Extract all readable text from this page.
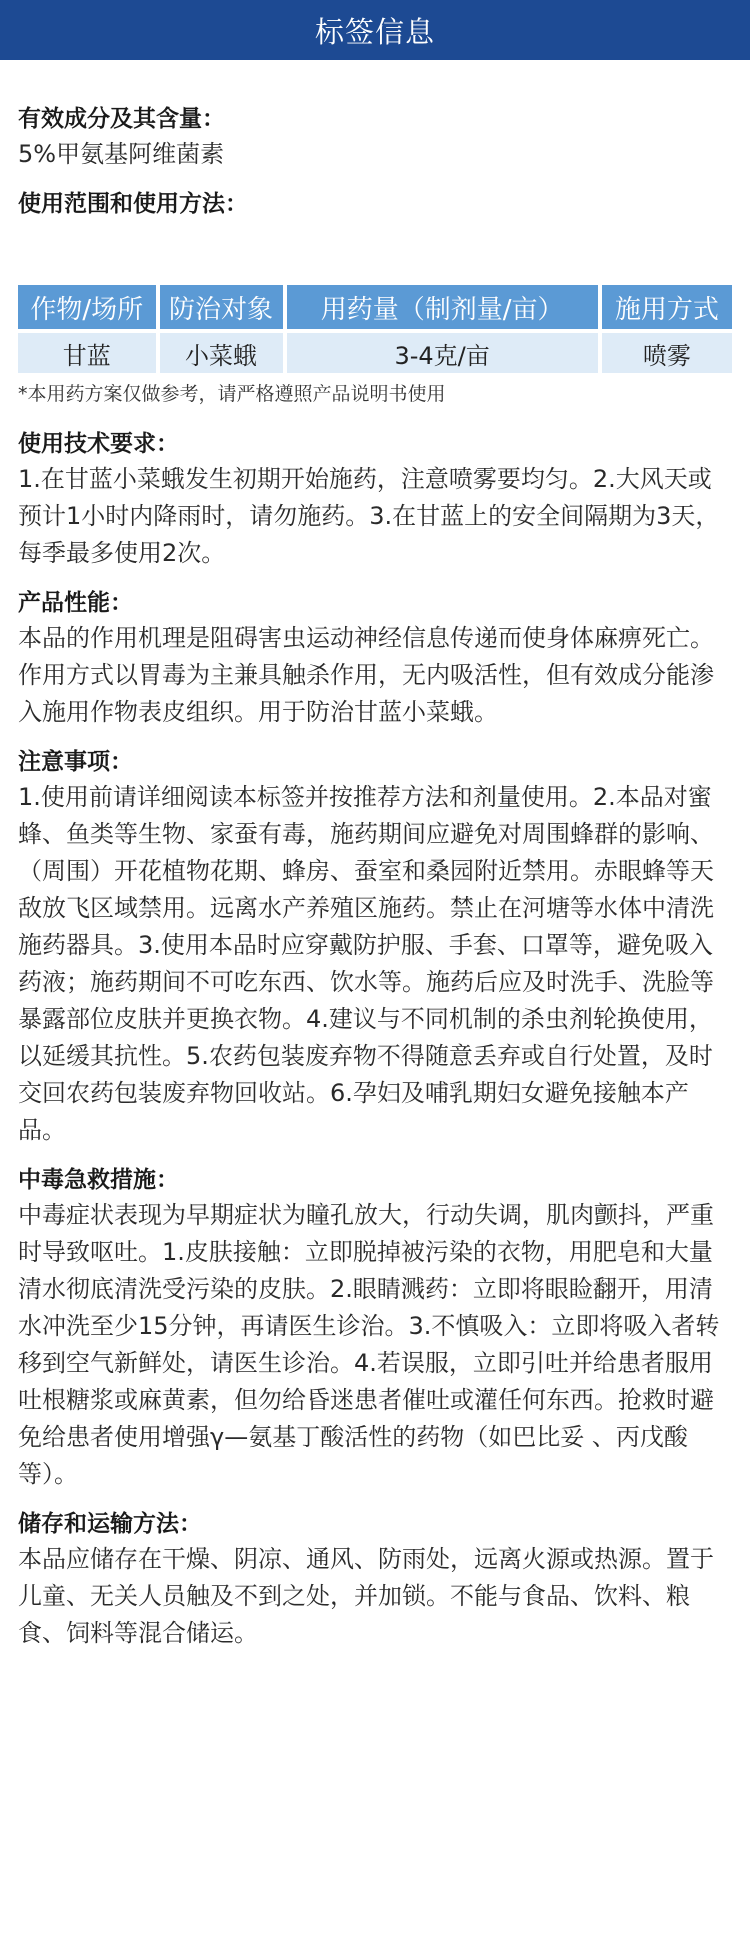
标签信息
有效成分及其含量：
5%甲氨基阿维菌素
使用范围和使用方法：
作物/场所	防治对象	用药量（制剂量/亩）	施用方式
甘蓝	小菜蛾	3-4克/亩	喷雾
*本用药方案仅做参考，请严格遵照产品说明书使用
使用技术要求：
1.在甘蓝小菜蛾发生初期开始施药，注意喷雾要均匀。2.大风天或预计1小时内降雨时，请勿施药。3.在甘蓝上的安全间隔期为3天，每季最多使用2次。
产品性能：
本品的作用机理是阻碍害虫运动神经信息传递而使身体麻痹死亡。作用方式以胃毒为主兼具触杀作用，无内吸活性，但有效成分能渗入施用作物表皮组织。用于防治甘蓝小菜蛾。
注意事项：
1.使用前请详细阅读本标签并按推荐方法和剂量使用。2.本品对蜜蜂、鱼类等生物、家蚕有毒，施药期间应避免对周围蜂群的影响、（周围）开花植物花期、蜂房、蚕室和桑园附近禁用。赤眼蜂等天敌放飞区域禁用。远离水产养殖区施药。禁止在河塘等水体中清洗施药器具。3.使用本品时应穿戴防护服、手套、口罩等，避免吸入药液；施药期间不可吃东西、饮水等。施药后应及时洗手、洗脸等暴露部位皮肤并更换衣物。4.建议与不同机制的杀虫剂轮换使用，以延缓其抗性。5.农药包装废弃物不得随意丢弃或自行处置，及时交回农药包装废弃物回收站。6.孕妇及哺乳期妇女避免接触本产品。
中毒急救措施：
中毒症状表现为早期症状为瞳孔放大，行动失调，肌肉颤抖，严重时导致呕吐。1.皮肤接触：立即脱掉被污染的衣物，用肥皂和大量清水彻底清洗受污染的皮肤。2.眼睛溅药：立即将眼睑翻开，用清水冲洗至少15分钟，再请医生诊治。3.不慎吸入：立即将吸入者转移到空气新鲜处，请医生诊治。4.若误服，立即引吐并给患者服用吐根糖浆或麻黄素，但勿给昏迷患者催吐或灌任何东西。抢救时避免给患者使用增强γ—氨基丁酸活性的药物（如巴比妥 、丙戊酸等）。
储存和运输方法：
本品应储存在干燥、阴凉、通风、防雨处，远离火源或热源。置于儿童、无关人员触及不到之处，并加锁。不能与食品、饮料、粮食、饲料等混合储运。
